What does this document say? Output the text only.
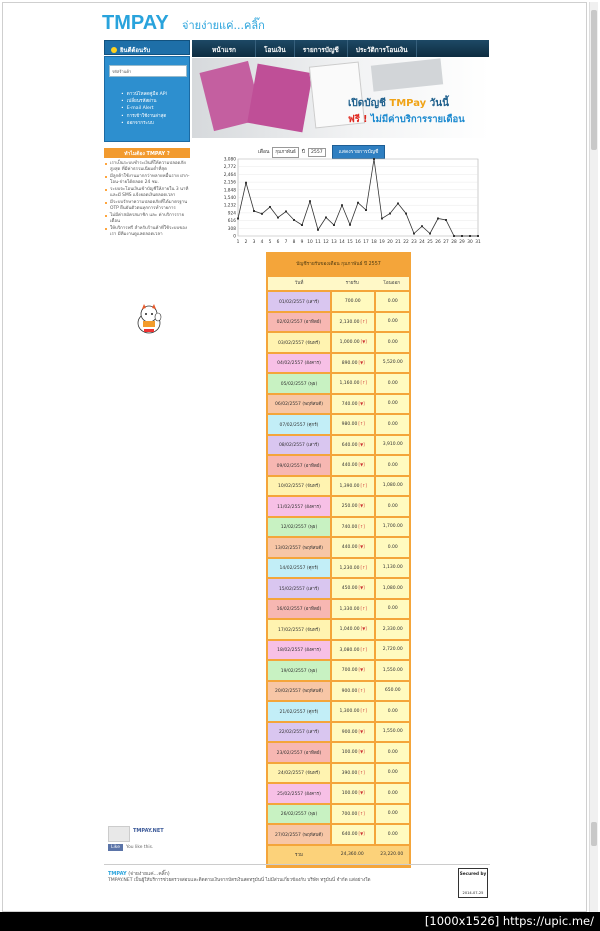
TMPAY จ่ายง่ายแค่...คลิ๊ก
ยินดีต้อนรับ
รหัสร้านค้า
• ดาวน์โหลดคู่มือ API
• เปลี่ยนรหัสผ่าน
• E-mail Alert
• การเข้าใช้งานล่าสุด
• ออกจากระบบ
ทำไมต้อง TMPAY ?
เราเป็นระบบชำระเงินที่ให้ความปลอดภัยสูงสุด ที่มีค่าธรรมเนียมต่ำที่สุด
มีลูกค้าใช้งานมากกว่าหลายหมื่นราย ฝาก-โอน-จ่ายได้ตลอด 24 ชม.
ระบบจะโอนเงินเข้าบัญชีให้ภายใน 3 นาที และมี SMS แจ้งยอดเงินตลอดเวลา
มีระบบรักษาความปลอดภัยที่ได้มาตรฐาน OTP ยืนยันตัวตนทุกการทำรายการ
ไม่มีค่าสมัครสมาชิก และ ค่าบริการรายเดือน
ให้บริการฟรี สำหรับร้านค้าที่ใช้ระบบของเรา มีทีมงานดูแลตลอดเวลา
หน้าแรก	โอนเงิน	รายการบัญชี	ประวัติการโอนเงิน
เปิดบัญชี TMPay วันนี้
ฟรี ! ไม่มีค่าบริการรายเดือน
เดือน	กุมภาพันธ์	ปี	2557	แสดงรายการบัญชี
0
308
616
924
1,232
1,540
1,848
2,156
2,464
2,772
3,080
1 2 3 4 5 6 7 8 9 10 11 12 13 14 15 16 17 18 19 20 21 22 23 24 25 26 27 28 29 30 31
บัญชีรายรับของเดือน กุมภาพันธ์ ปี 2557
วันที่	รายรับ	โอนออก
01/02/2557 (เสาร์)	700.00	0.00
02/02/2557 (อาทิตย์)	2,130.00[↑]	0.00
03/02/2557 (จันทร์)	1,000.00[▼]	0.00
04/02/2557 (อังคาร)	890.00[▼]	5,520.00
05/02/2557 (พุธ)	1,160.00[↑]	0.00
06/02/2557 (พฤหัสบดี)	740.00[▼]	0.00
07/02/2557 (ศุกร์)	980.00[↑]	0.00
08/02/2557 (เสาร์)	640.00[▼]	3,910.00
09/02/2557 (อาทิตย์)	440.00[▼]	0.00
10/02/2557 (จันทร์)	1,390.00[↑]	1,080.00
11/02/2557 (อังคาร)	250.00[▼]	0.00
12/02/2557 (พุธ)	740.00[↑]	1,700.00
13/02/2557 (พฤหัสบดี)	440.00[▼]	0.00
14/02/2557 (ศุกร์)	1,230.00[↑]	1,130.00
15/02/2557 (เสาร์)	450.00[▼]	1,080.00
16/02/2557 (อาทิตย์)	1,330.00[↑]	0.00
17/02/2557 (จันทร์)	1,040.00[▼]	2,330.00
18/02/2557 (อังคาร)	3,080.00[↑]	2,720.00
19/02/2557 (พุธ)	700.00[▼]	1,550.00
20/02/2557 (พฤหัสบดี)	900.00[↑]	650.00
21/02/2557 (ศุกร์)	1,300.00[↑]	0.00
22/02/2557 (เสาร์)	900.00[▼]	1,550.00
23/02/2557 (อาทิตย์)	100.00[▼]	0.00
24/02/2557 (จันทร์)	390.00[↑]	0.00
25/02/2557 (อังคาร)	100.00[▼]	0.00
26/02/2557 (พุธ)	700.00[↑]	0.00
27/02/2557 (พฤหัสบดี)	640.00[▼]	0.00
รวม	24,360.00	23,220.00
TMPAY.NET
Like	You like this.
TMPAY (จ่ายง่ายแค่...คลิ๊ก)
TMPAY.NET เป็นผู้ให้บริการช่วยตรวจสอบและติดตามเงินจากบัตรเงินสดทรูมันนี่ ไม่มีส่วนเกี่ยวข้องกับ บริษัท ทรูมันนี่ จำกัด แต่อย่างใด
Secured by
2014-07-25
[1000x1526] https://upic.me/
